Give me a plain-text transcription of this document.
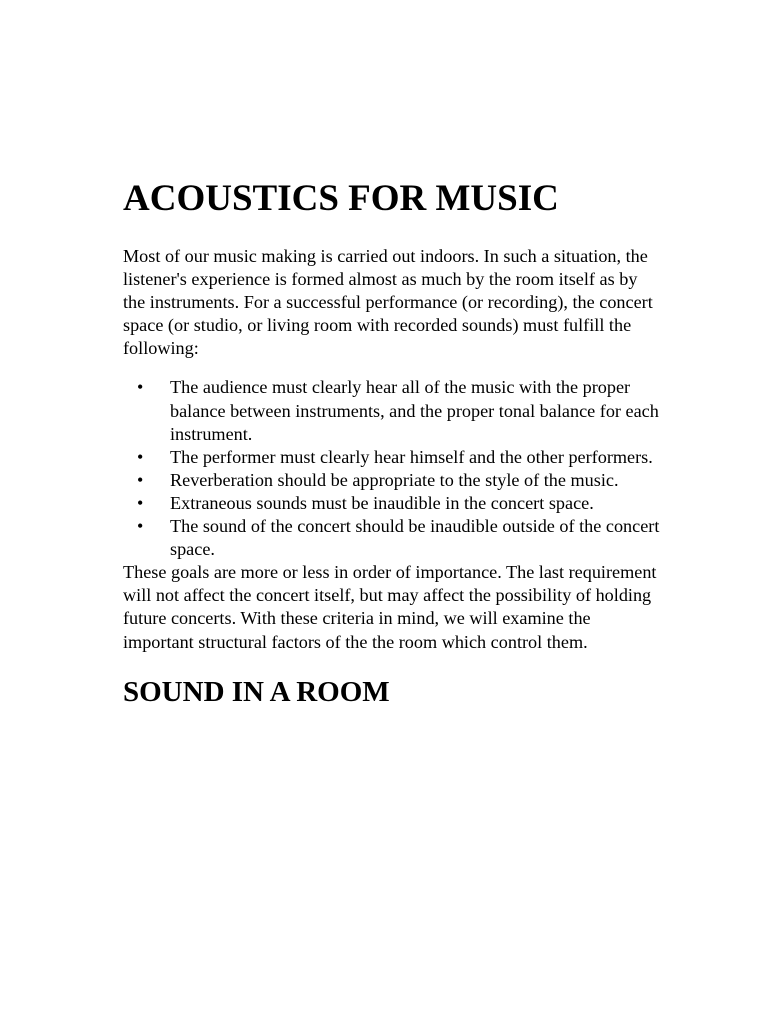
ACOUSTICS FOR MUSIC

Most of our music making is carried out indoors. In such a situation, the listener's experience is formed almost as much by the room itself as by the instruments. For a successful performance (or recording), the concert space (or studio, or living room with recorded sounds) must fulfill the following:

• The audience must clearly hear all of the music with the proper balance between instruments, and the proper tonal balance for each instrument.
• The performer must clearly hear himself and the other performers.
• Reverberation should be appropriate to the style of the music.
• Extraneous sounds must be inaudible in the concert space.
• The sound of the concert should be inaudible outside of the concert space.

These goals are more or less in order of importance. The last requirement will not affect the concert itself, but may affect the possibility of holding future concerts. With these criteria in mind, we will examine the important structural factors of the the room which control them.

SOUND IN A ROOM
